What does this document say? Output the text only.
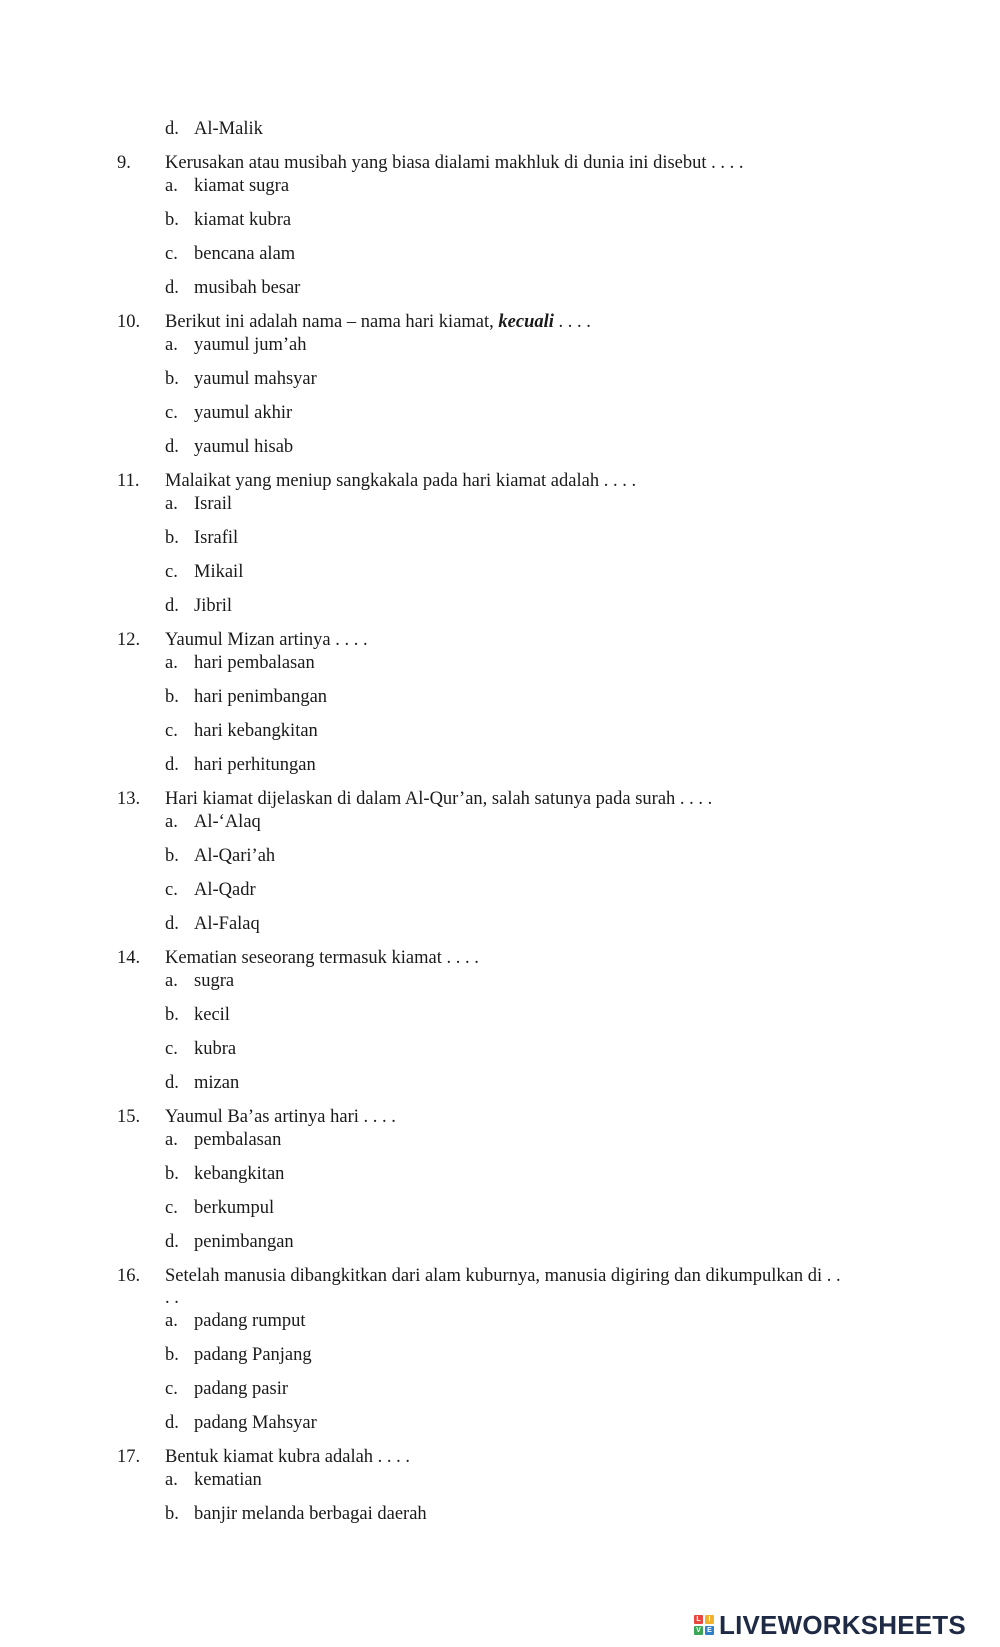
d. Al-Malik
9.	Kerusakan atau musibah yang biasa dialami makhluk di dunia ini disebut . . . .
a. kiamat sugra
b. kiamat kubra
c. bencana alam
d. musibah besar
10.	Berikut ini adalah nama – nama hari kiamat, kecuali . . . .
a. yaumul jum’ah
b. yaumul mahsyar
c. yaumul akhir
d. yaumul hisab
11.	Malaikat yang meniup sangkakala pada hari kiamat adalah . . . .
a. Israil
b. Israfil
c. Mikail
d. Jibril
12.	Yaumul Mizan artinya . . . .
a. hari pembalasan
b. hari penimbangan
c. hari kebangkitan
d. hari perhitungan
13.	Hari kiamat dijelaskan di dalam Al-Qur’an, salah satunya pada surah . . . .
a. Al-‘Alaq
b. Al-Qari’ah
c. Al-Qadr
d. Al-Falaq
14.	Kematian seseorang termasuk kiamat . . . .
a. sugra
b. kecil
c. kubra
d. mizan
15.	Yaumul Ba’as artinya hari . . . .
a. pembalasan
b. kebangkitan
c. berkumpul
d. penimbangan
16.	Setelah manusia dibangkitkan dari alam kuburnya, manusia digiring dan dikumpulkan di . .
. .
a. padang rumput
b. padang Panjang
c. padang pasir
d. padang Mahsyar
17.	Bentuk kiamat kubra adalah . . . .
a. kematian
b. banjir melanda berbagai daerah
L	I
V E LIVEWORKSHEETS
